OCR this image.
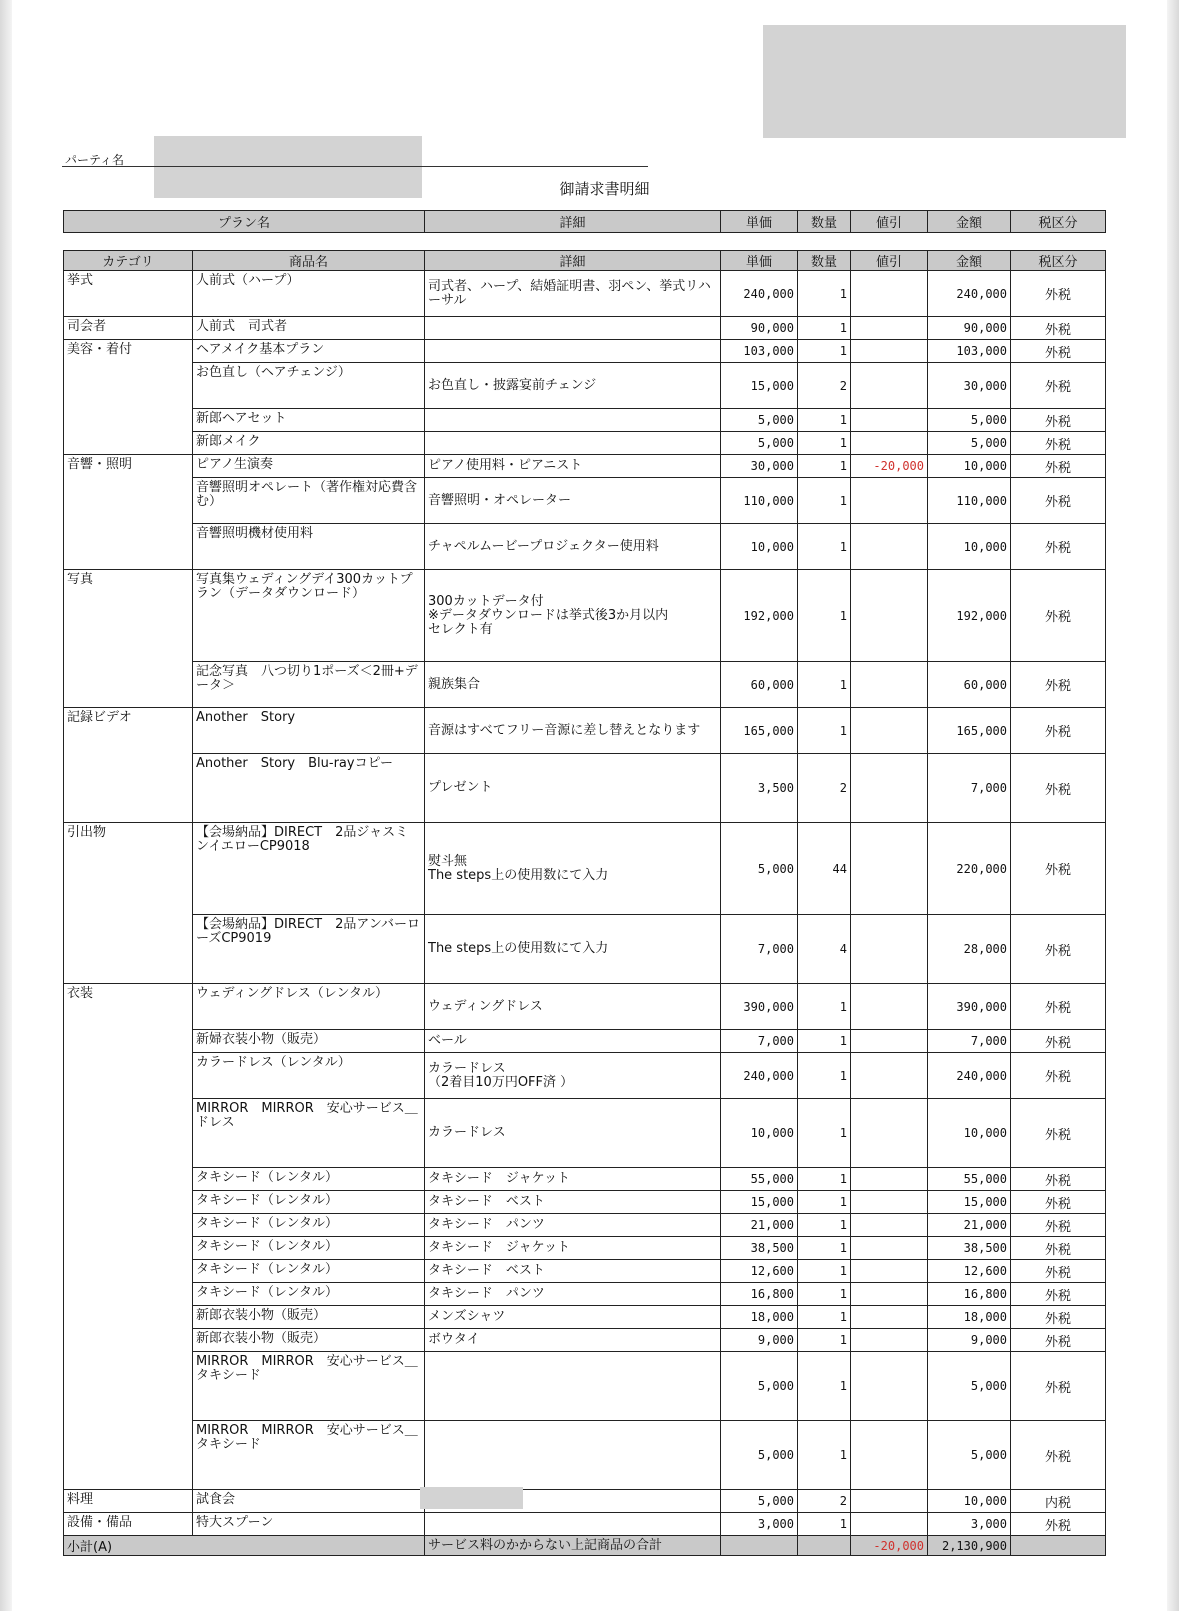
パーティ名
御請求書明細
プラン名	詳細	単価	数量	値引	金額	税区分
カテゴリ	商品名	詳細	単価	数量	値引	金額	税区分
挙式	人前式（ハープ）	司式者、ハープ、結婚証明書、羽ペン、挙式リハーサル	240,000	1		240,000	外税
司会者	人前式　司式者		90,000	1		90,000	外税
美容・着付	ヘアメイク基本プラン		103,000	1		103,000	外税
	お色直し（ヘアチェンジ）	お色直し・披露宴前チェンジ	15,000	2		30,000	外税
	新郎ヘアセット		5,000	1		5,000	外税
	新郎メイク		5,000	1		5,000	外税
音響・照明	ピアノ生演奏	ピアノ使用料・ピアニスト	30,000	1	-20,000	10,000	外税
	音響照明オペレート（著作権対応費含む）	音響照明・オペレーター	110,000	1		110,000	外税
	音響照明機材使用料	チャペルムービープロジェクター使用料	10,000	1		10,000	外税
写真	写真集ウェディングデイ300カットプラン（データダウンロード）	300カットデータ付
※データダウンロードは挙式後3か月以内
セレクト有	192,000	1		192,000	外税
	記念写真　八つ切り1ポーズ＜2冊+データ＞	親族集合	60,000	1		60,000	外税
記録ビデオ	Another　Story	音源はすべてフリー音源に差し替えとなります	165,000	1		165,000	外税
	Another　Story　Blu-rayコピー	プレゼント	3,500	2		7,000	外税
引出物	【会場納品】DIRECT　2品ジャスミンイエローCP9018	熨斗無
The steps上の使用数にて入力	5,000	44		220,000	外税
	【会場納品】DIRECT　2品アンバーローズCP9019	The steps上の使用数にて入力	7,000	4		28,000	外税
衣装	ウェディングドレス（レンタル）	ウェディングドレス	390,000	1		390,000	外税
	新婦衣装小物（販売）	ベール	7,000	1		7,000	外税
	カラードレス（レンタル）	カラードレス
（2着目10万円OFF済 ）	240,000	1		240,000	外税
	MIRROR　MIRROR　安心サービス＿ドレス	カラードレス	10,000	1		10,000	外税
	タキシード（レンタル）	タキシード　ジャケット	55,000	1		55,000	外税
	タキシード（レンタル）	タキシード　ベスト	15,000	1		15,000	外税
	タキシード（レンタル）	タキシード　パンツ	21,000	1		21,000	外税
	タキシード（レンタル）	タキシード　ジャケット	38,500	1		38,500	外税
	タキシード（レンタル）	タキシード　ベスト	12,600	1		12,600	外税
	タキシード（レンタル）	タキシード　パンツ	16,800	1		16,800	外税
	新郎衣装小物（販売）	メンズシャツ	18,000	1		18,000	外税
	新郎衣装小物（販売）	ボウタイ	9,000	1		9,000	外税
	MIRROR　MIRROR　安心サービス＿タキシード		5,000	1		5,000	外税
	MIRROR　MIRROR　安心サービス＿タキシード		5,000	1		5,000	外税
料理	試食会		5,000	2		10,000	内税
設備・備品	特大スプーン		3,000	1		3,000	外税
小計(A)		サービス料のかからない上記商品の合計			-20,000	2,130,900	
